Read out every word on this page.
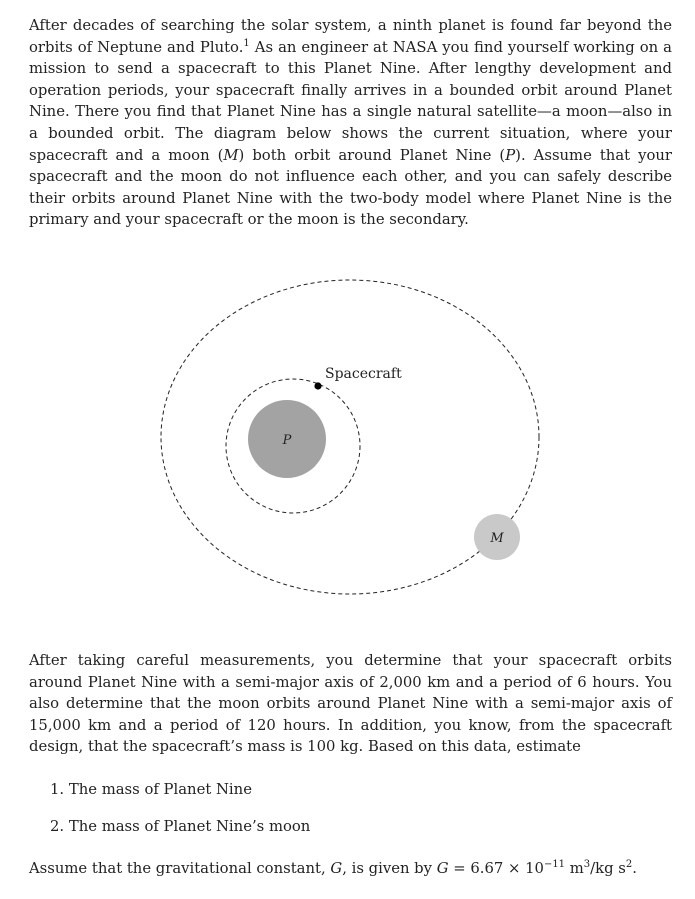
After decades of searching the solar system, a ninth planet is found far beyond the orbits of Neptune and Pluto.$^1$ As an engineer at NASA you find yourself working on a mission to send a spacecraft to this Planet Nine. After lengthy development and operation periods, your spacecraft finally arrives in a bounded orbit around Planet Nine. There you find that Planet Nine has a single natural satellite—a moon—also in a bounded orbit. The diagram below shows the current situation, where your spacecraft and a moon (M) both orbit around Planet Nine (P). Assume that your spacecraft and the moon do not influence each other, and you can safely describe their orbits around Planet Nine with the two-body model where Planet Nine is the primary and your spacecraft or the moon is the secondary.

P
M
Spacecraft

After taking careful measurements, you determine that your spacecraft orbits around Planet Nine with a semi-major axis of 2,000 km and a period of 6 hours. You also determine that the moon orbits around Planet Nine with a semi-major axis of 15,000 km and a period of 120 hours. In addition, you know, from the spacecraft design, that the spacecraft’s mass is 100 kg. Based on this data, estimate

1. The mass of Planet Nine
2. The mass of Planet Nine’s moon

Assume that the gravitational constant, G, is given by $G = 6.67 \times 10^{-11}$ $m^3/kg$ $s^2$.
